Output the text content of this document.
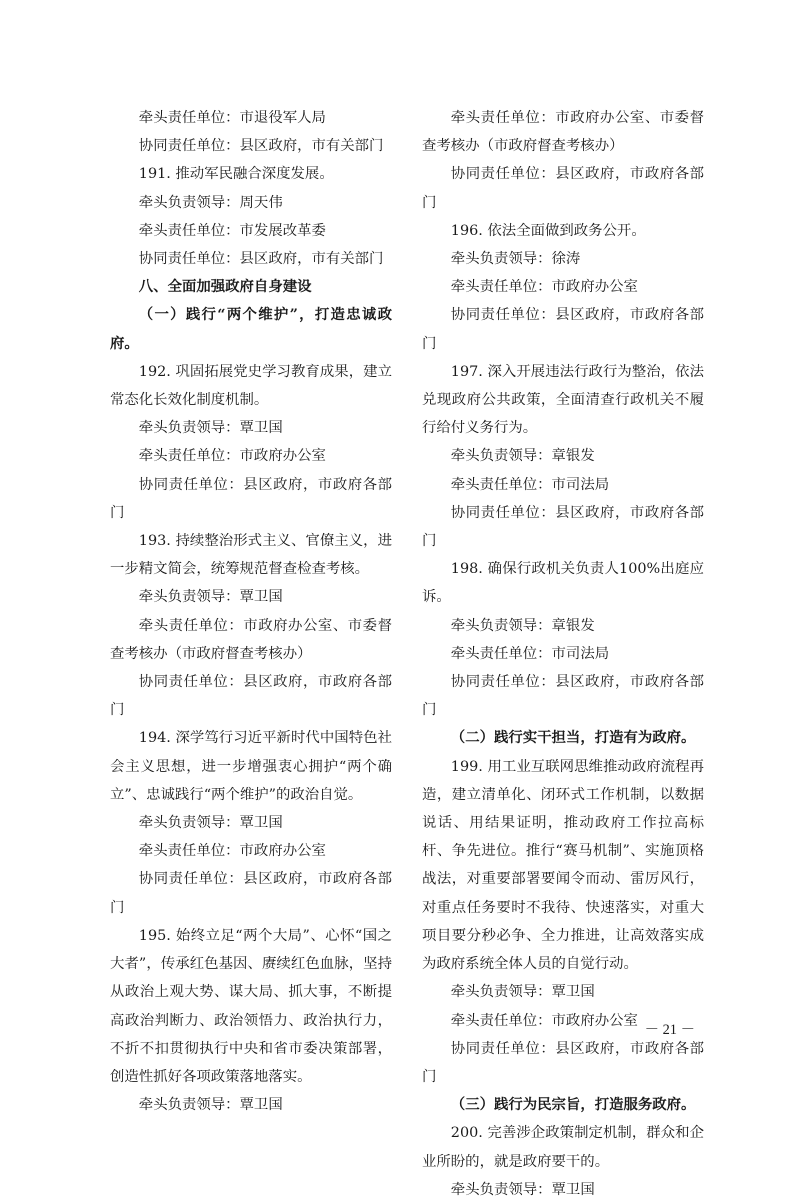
牵头责任单位：市退役军人局

协同责任单位：县区政府，市有关部门

191. 推动军民融合深度发展。

牵头负责领导：周天伟

牵头责任单位：市发展改革委

协同责任单位：县区政府，市有关部门

八、全面加强政府自身建设

（一）践行“两个维护”，打造忠诚政府。

192. 巩固拓展党史学习教育成果，建立常态化长效化制度机制。

牵头负责领导：覃卫国

牵头责任单位：市政府办公室

协同责任单位：县区政府，市政府各部门

193. 持续整治形式主义、官僚主义，进一步精文简会，统筹规范督查检查考核。

牵头负责领导：覃卫国

牵头责任单位：市政府办公室、市委督查考核办（市政府督查考核办）

协同责任单位：县区政府，市政府各部门

194. 深学笃行习近平新时代中国特色社会主义思想，进一步增强衷心拥护“两个确立”、忠诚践行“两个维护”的政治自觉。

牵头负责领导：覃卫国

牵头责任单位：市政府办公室

协同责任单位：县区政府，市政府各部门

195. 始终立足“两个大局”、心怀“国之大者”，传承红色基因、赓续红色血脉，坚持从政治上观大势、谋大局、抓大事，不断提高政治判断力、政治领悟力、政治执行力，不折不扣贯彻执行中央和省市委决策部署，创造性抓好各项政策落地落实。

牵头负责领导：覃卫国

牵头责任单位：市政府办公室、市委督查考核办（市政府督查考核办）

协同责任单位：县区政府，市政府各部门

196. 依法全面做到政务公开。

牵头负责领导：徐涛

牵头责任单位：市政府办公室

协同责任单位：县区政府，市政府各部门

197. 深入开展违法行政行为整治，依法兑现政府公共政策，全面清查行政机关不履行给付义务行为。

牵头负责领导：章银发

牵头责任单位：市司法局

协同责任单位：县区政府，市政府各部门

198. 确保行政机关负责人100%出庭应诉。

牵头负责领导：章银发

牵头责任单位：市司法局

协同责任单位：县区政府，市政府各部门

（二）践行实干担当，打造有为政府。

199. 用工业互联网思维推动政府流程再造，建立清单化、闭环式工作机制，以数据说话、用结果证明，推动政府工作拉高标杆、争先进位。推行“赛马机制”、实施顶格战法，对重要部署要闻令而动、雷厉风行，对重点任务要时不我待、快速落实，对重大项目要分秒必争、全力推进，让高效落实成为政府系统全体人员的自觉行动。

牵头负责领导：覃卫国

牵头责任单位：市政府办公室

协同责任单位：县区政府，市政府各部门

（三）践行为民宗旨，打造服务政府。

200. 完善涉企政策制定机制，群众和企业所盼的，就是政府要干的。

牵头负责领导：覃卫国

－ 21 －
